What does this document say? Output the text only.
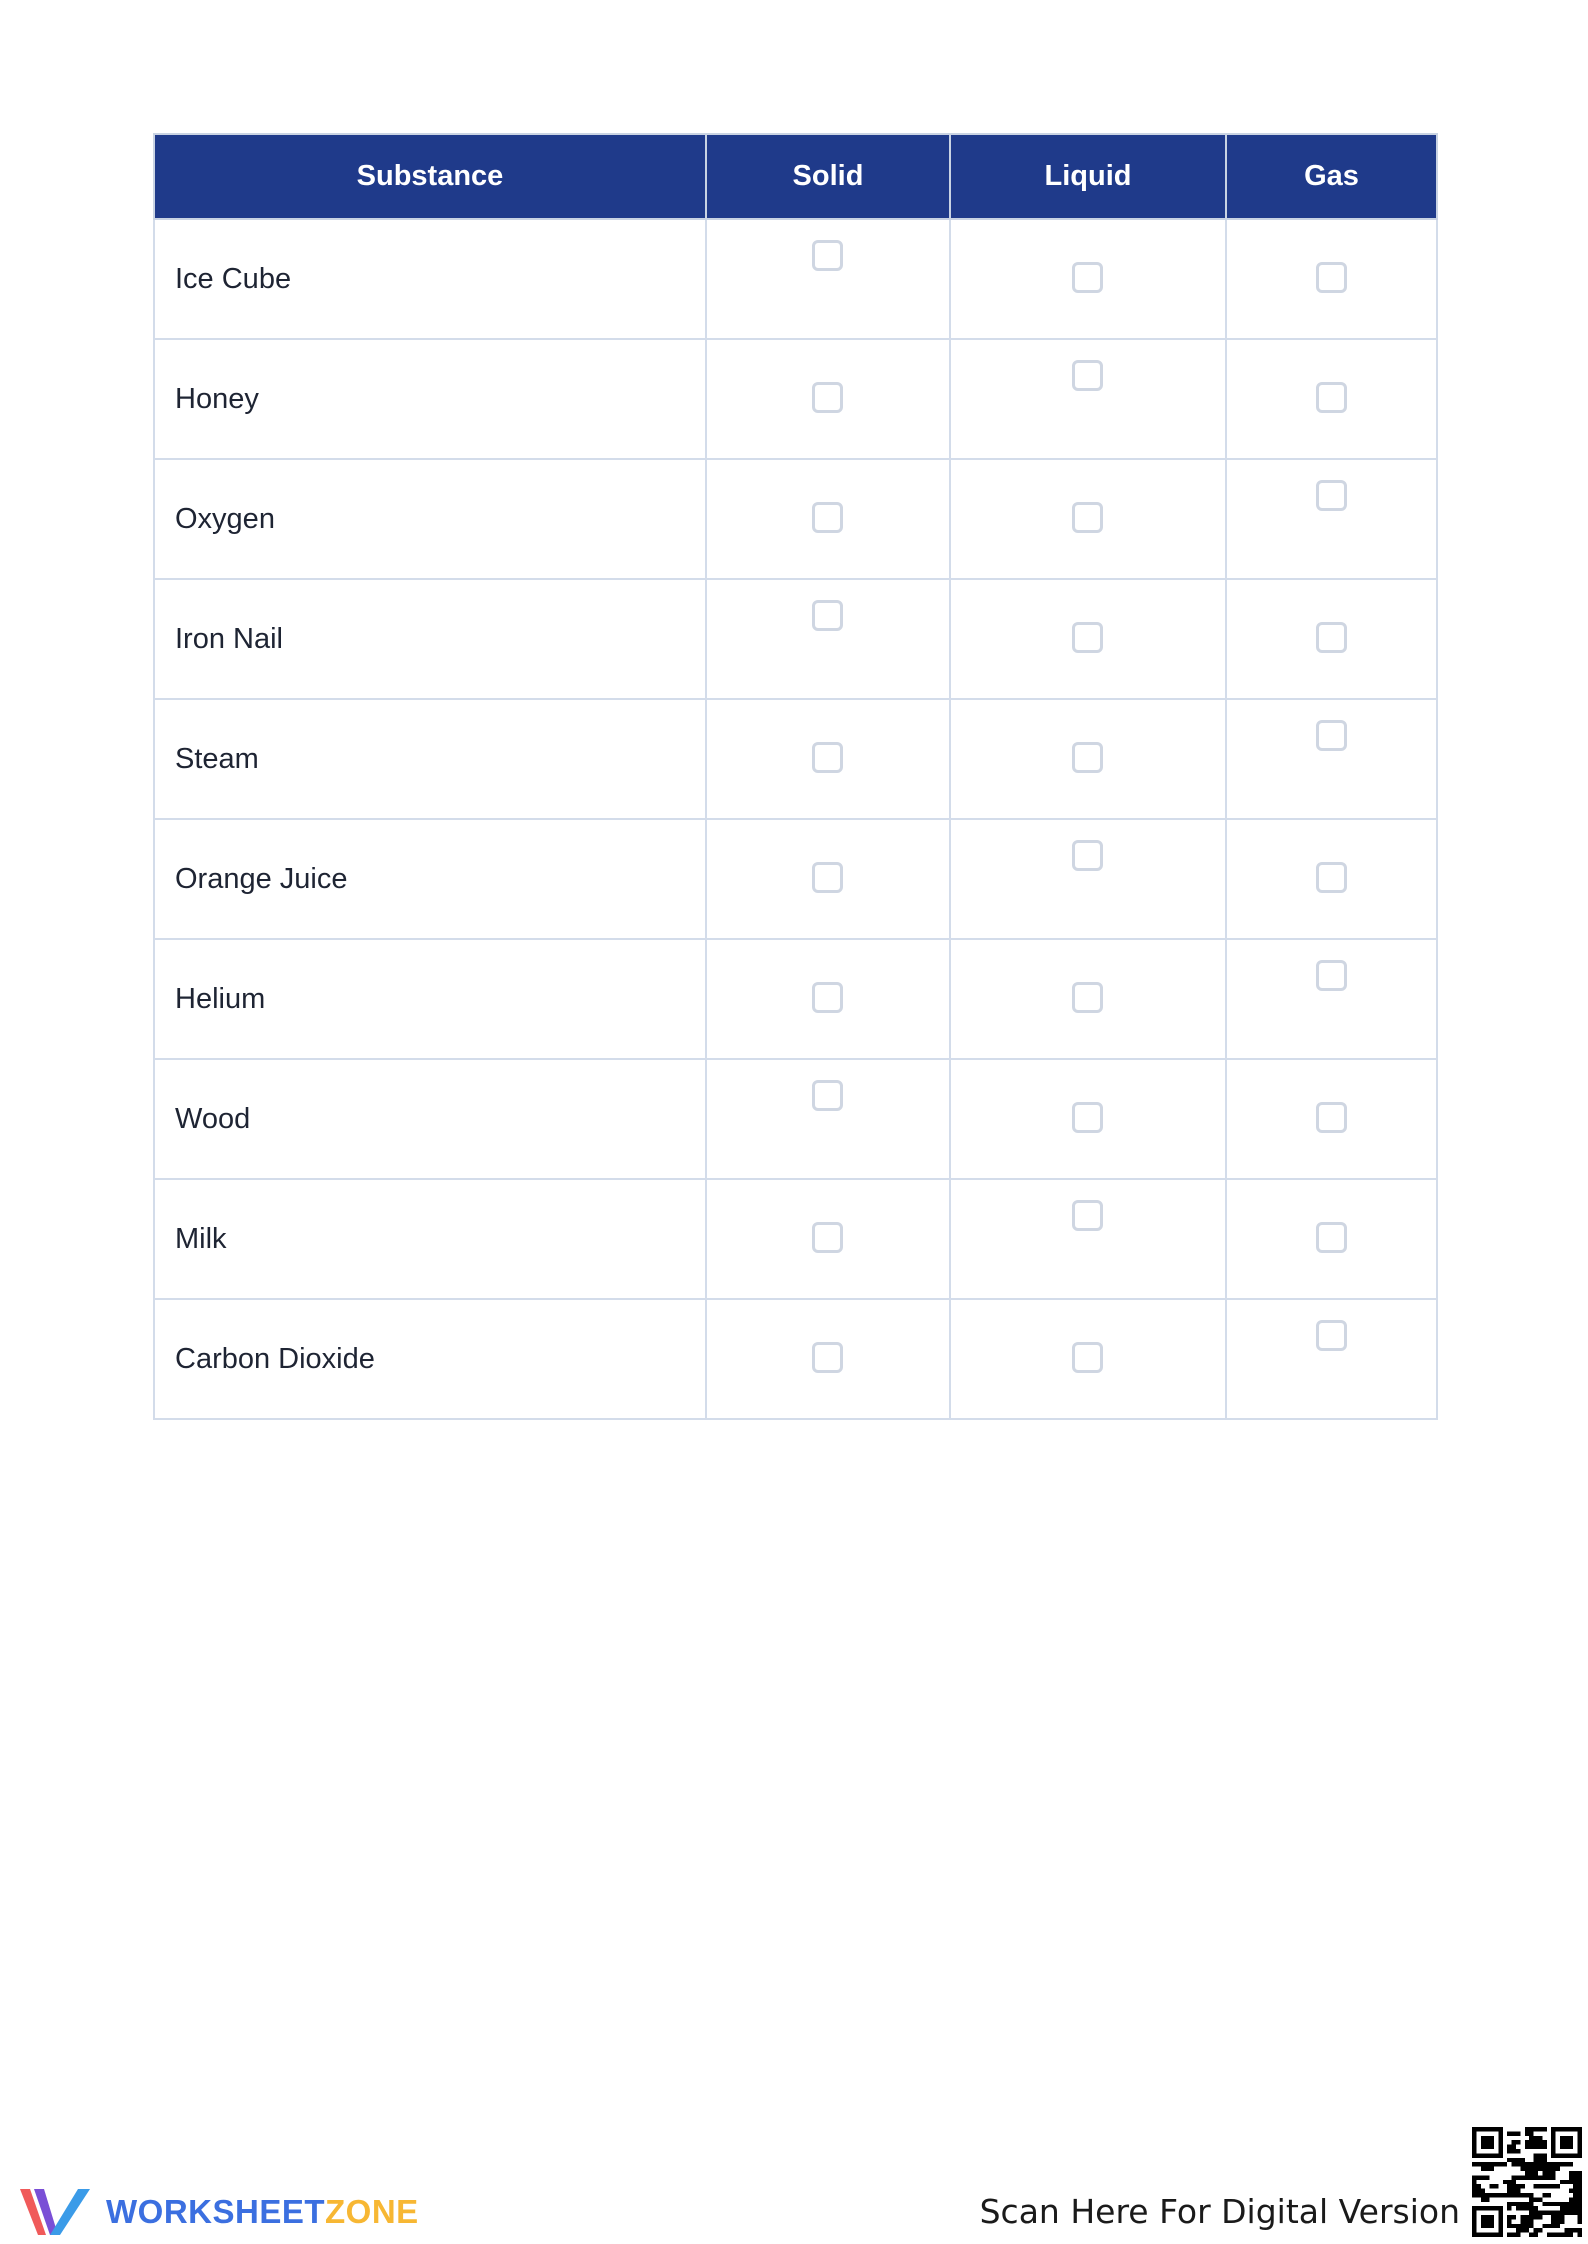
Substance	Solid	Liquid	Gas
Ice Cube	

Honey	

Oxygen	

Iron Nail	

Steam	

Orange Juice	

Helium	

Wood	

Milk	

Carbon Dioxide	

WORKSHEETZONE	Scan Here For Digital Version
